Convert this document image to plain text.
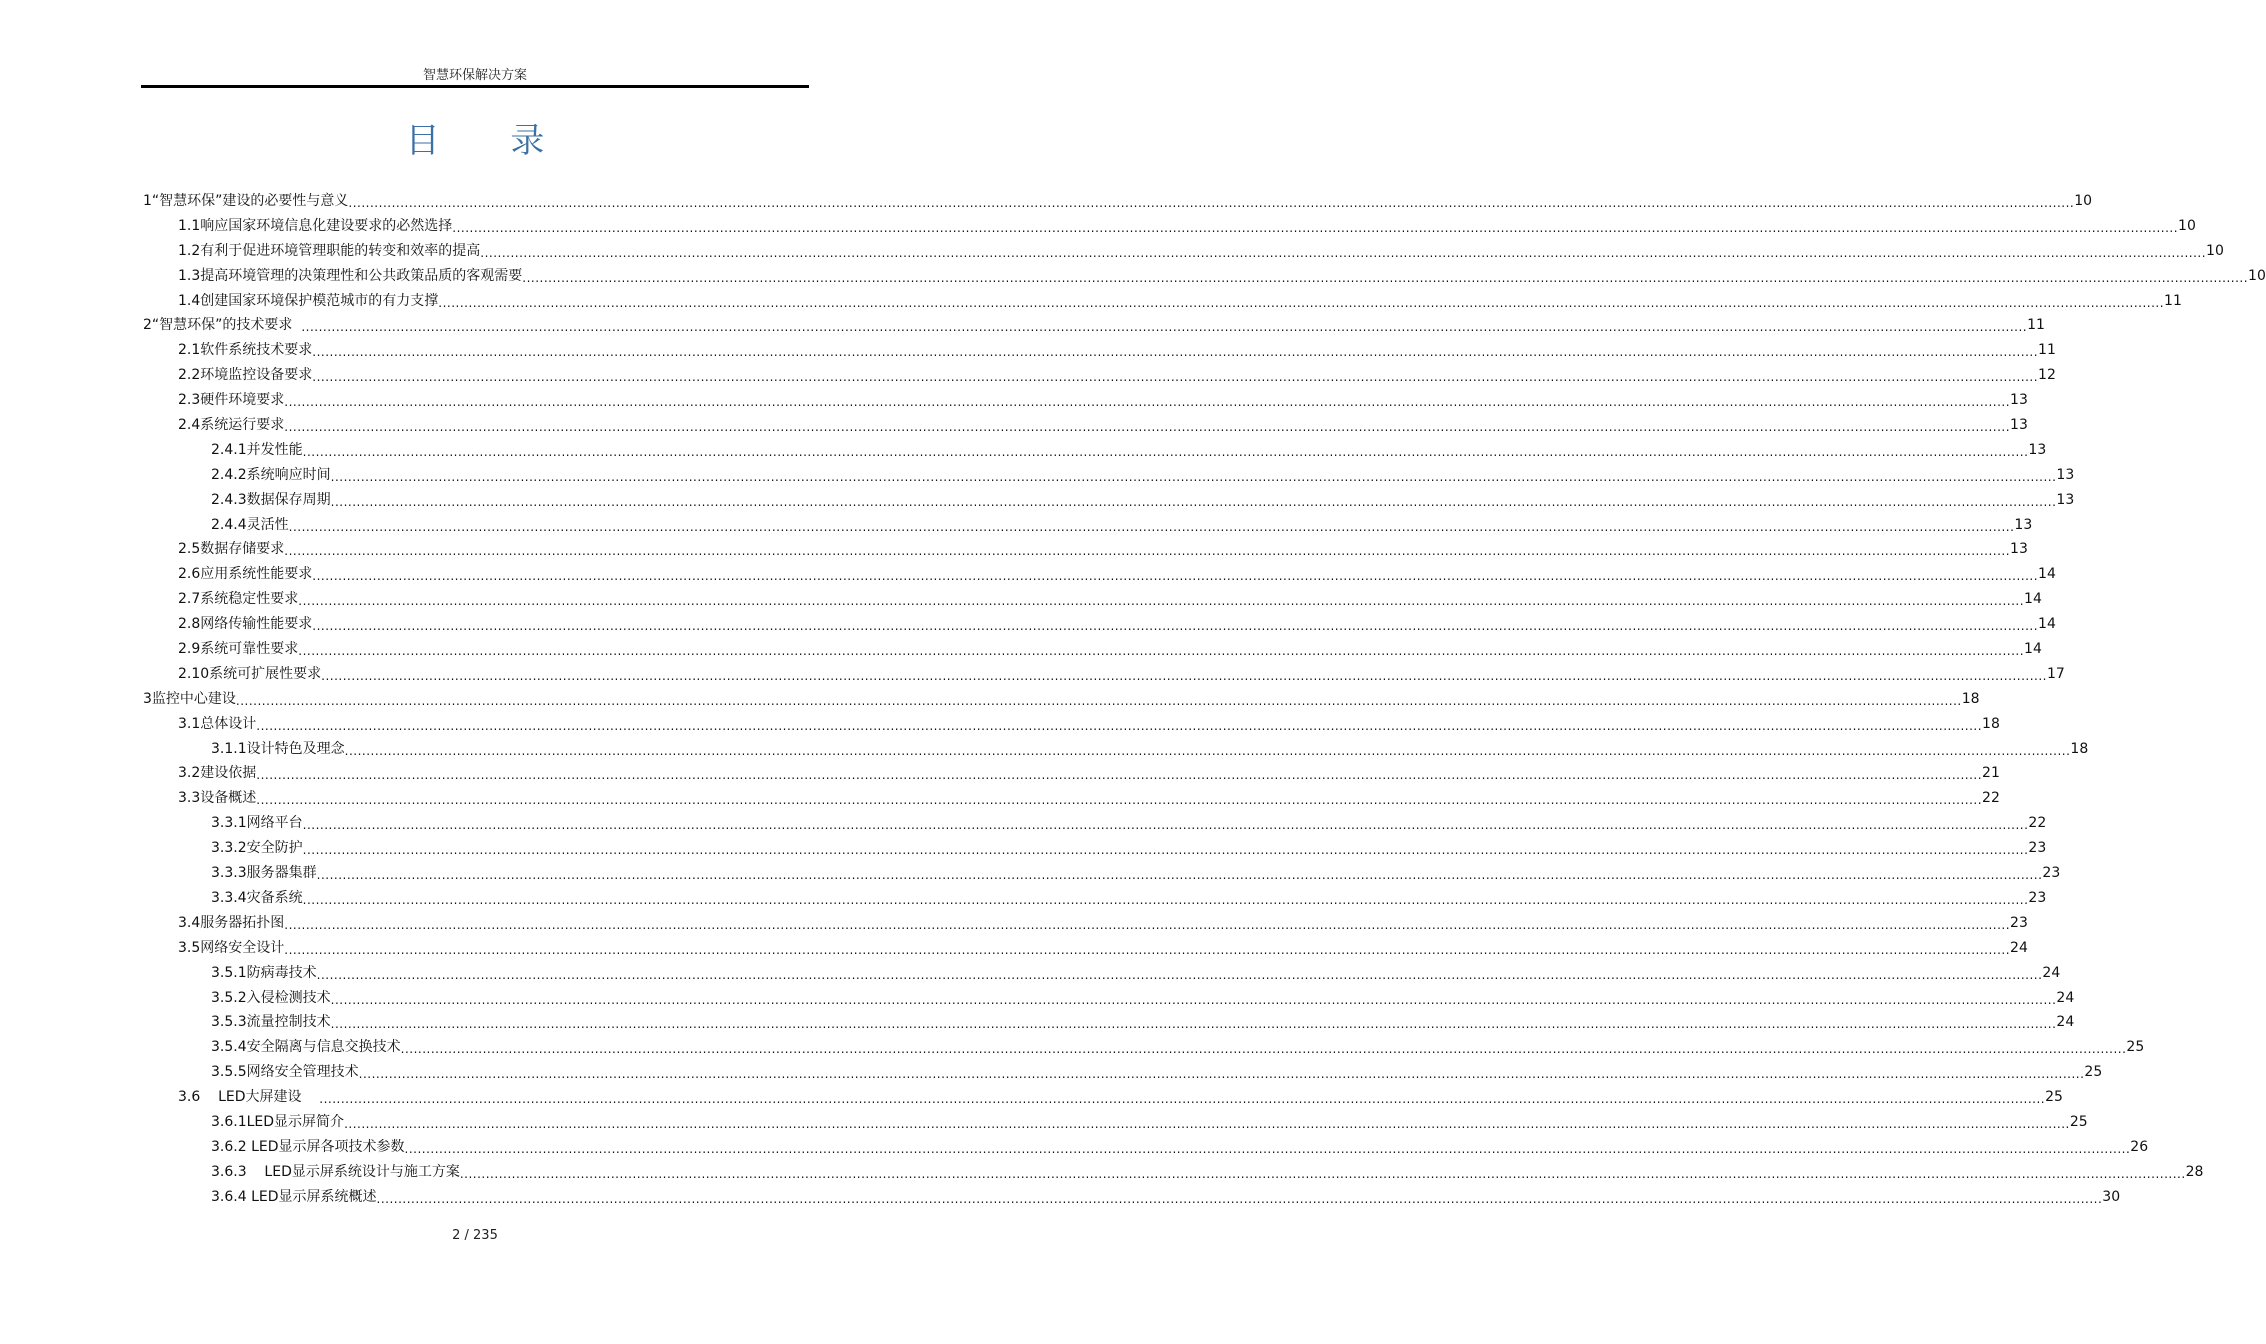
智慧环保解决方案
目 录
1“智慧环保”建设的必要性与意义 ................................................................................................................................................................................................................................................................................................................................................................................................................ 10
1.1响应国家环境信息化建设要求的必然选择 ................................................................................................................................................................................................................................................................................................................................................................................................................ 10
1.2有利于促进环境管理职能的转变和效率的提高 ................................................................................................................................................................................................................................................................................................................................................................................................................ 10
1.3提高环境管理的决策理性和公共政策品质的客观需要 ................................................................................................................................................................................................................................................................................................................................................................................................................ 10
1.4创建国家环境保护模范城市的有力支撑 ................................................................................................................................................................................................................................................................................................................................................................................................................ 11
2“智慧环保”的技术要求 ................................................................................................................................................................................................................................................................................................................................................................................................................ 11
2.1软件系统技术要求 ................................................................................................................................................................................................................................................................................................................................................................................................................ 11
2.2环境监控设备要求 ................................................................................................................................................................................................................................................................................................................................................................................................................ 12
2.3硬件环境要求 ................................................................................................................................................................................................................................................................................................................................................................................................................ 13
2.4系统运行要求 ................................................................................................................................................................................................................................................................................................................................................................................................................ 13
2.4.1并发性能 ................................................................................................................................................................................................................................................................................................................................................................................................................ 13
2.4.2系统响应时间 ................................................................................................................................................................................................................................................................................................................................................................................................................ 13
2.4.3数据保存周期 ................................................................................................................................................................................................................................................................................................................................................................................................................ 13
2.4.4灵活性 ................................................................................................................................................................................................................................................................................................................................................................................................................ 13
2.5数据存储要求 ................................................................................................................................................................................................................................................................................................................................................................................................................ 13
2.6应用系统性能要求 ................................................................................................................................................................................................................................................................................................................................................................................................................ 14
2.7系统稳定性要求 ................................................................................................................................................................................................................................................................................................................................................................................................................ 14
2.8网络传输性能要求 ................................................................................................................................................................................................................................................................................................................................................................................................................ 14
2.9系统可靠性要求 ................................................................................................................................................................................................................................................................................................................................................................................................................ 14
2.10系统可扩展性要求 ................................................................................................................................................................................................................................................................................................................................................................................................................ 17
3监控中心建设 ................................................................................................................................................................................................................................................................................................................................................................................................................ 18
3.1总体设计 ................................................................................................................................................................................................................................................................................................................................................................................................................ 18
3.1.1设计特色及理念 ................................................................................................................................................................................................................................................................................................................................................................................................................ 18
3.2建设依据 ................................................................................................................................................................................................................................................................................................................................................................................................................ 21
3.3设备概述 ................................................................................................................................................................................................................................................................................................................................................................................................................ 22
3.3.1网络平台 ................................................................................................................................................................................................................................................................................................................................................................................................................ 22
3.3.2安全防护 ................................................................................................................................................................................................................................................................................................................................................................................................................ 23
3.3.3服务器集群 ................................................................................................................................................................................................................................................................................................................................................................................................................ 23
3.3.4灾备系统 ................................................................................................................................................................................................................................................................................................................................................................................................................ 23
3.4服务器拓扑图 ................................................................................................................................................................................................................................................................................................................................................................................................................ 23
3.5网络安全设计 ................................................................................................................................................................................................................................................................................................................................................................................................................ 24
3.5.1防病毒技术 ................................................................................................................................................................................................................................................................................................................................................................................................................ 24
3.5.2入侵检测技术 ................................................................................................................................................................................................................................................................................................................................................................................................................ 24
3.5.3流量控制技术 ................................................................................................................................................................................................................................................................................................................................................................................................................ 24
3.5.4安全隔离与信息交换技术 ................................................................................................................................................................................................................................................................................................................................................................................................................ 25
3.5.5网络安全管理技术 ................................................................................................................................................................................................................................................................................................................................................................................................................ 25
3.6    LED大屏建设 ................................................................................................................................................................................................................................................................................................................................................................................................................ 25
3.6.1LED显示屏简介 ................................................................................................................................................................................................................................................................................................................................................................................................................ 25
3.6.2 LED显示屏各项技术参数 ................................................................................................................................................................................................................................................................................................................................................................................................................ 26
3.6.3    LED显示屏系统设计与施工方案 ................................................................................................................................................................................................................................................................................................................................................................................................................ 28
3.6.4 LED显示屏系统概述 ................................................................................................................................................................................................................................................................................................................................................................................................................ 30
2 / 235
